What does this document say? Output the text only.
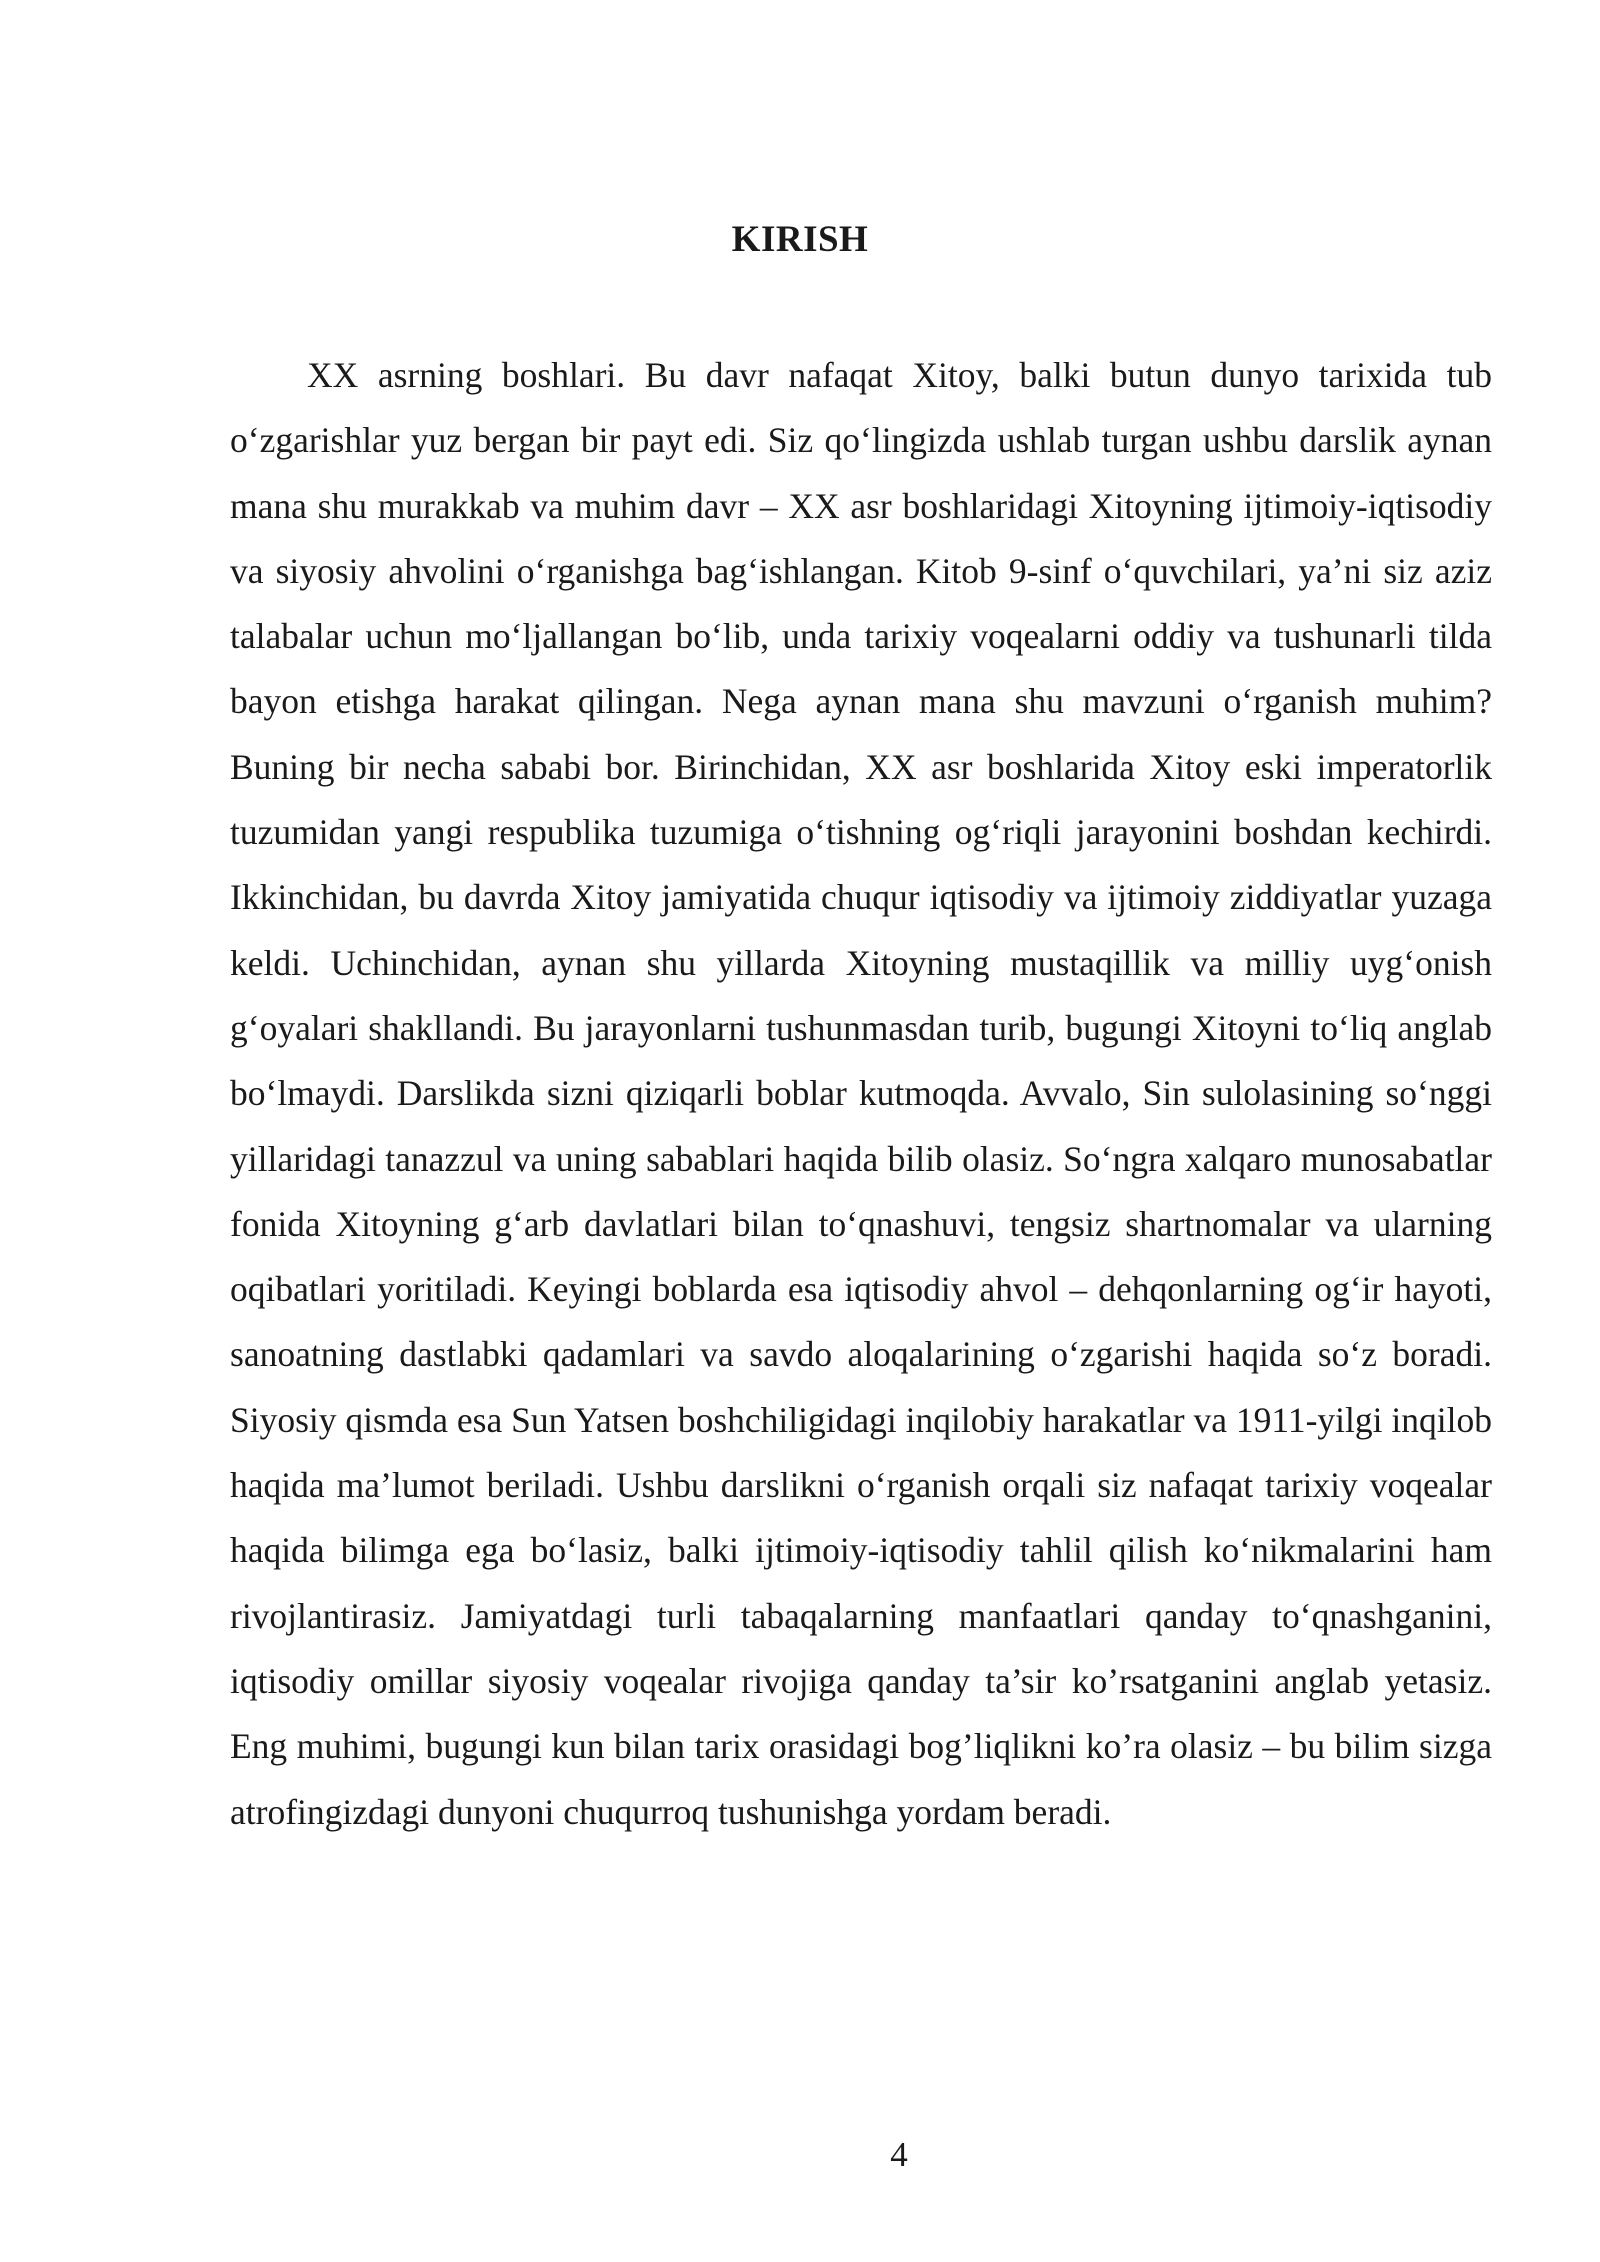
KIRISH

XX asrning boshlari. Bu davr nafaqat Xitoy, balki butun dunyo tarixida tub o‘zgarishlar yuz bergan bir payt edi. Siz qo‘lingizda ushlab turgan ushbu darslik aynan mana shu murakkab va muhim davr – XX asr boshlaridagi Xitoyning ijtimoiy-iqtisodiy va siyosiy ahvolini o‘rganishga bag‘ishlangan. Kitob 9-sinf o‘quvchilari, ya’ni siz aziz talabalar uchun mo‘ljallangan bo‘lib, unda tarixiy voqealarni oddiy va tushunarli tilda bayon etishga harakat qilingan. Nega aynan mana shu mavzuni o‘rganish muhim? Buning bir necha sababi bor. Birinchidan, XX asr boshlarida Xitoy eski imperatorlik tuzumidan yangi respublika tuzumiga o‘tishning og‘riqli jarayonini boshdan kechirdi. Ikkinchidan, bu davrda Xitoy jamiyatida chuqur iqtisodiy va ijtimoiy ziddiyatlar yuzaga keldi. Uchinchidan, aynan shu yillarda Xitoyning mustaqillik va milliy uyg‘onish g‘oyalari shakllandi. Bu jarayonlarni tushunmasdan turib, bugungi Xitoyni to‘liq anglab bo‘lmaydi. Darslikda sizni qiziqarli boblar kutmoqda. Avvalo, Sin sulolasining so‘nggi yillaridagi tanazzul va uning sabablari haqida bilib olasiz. So‘ngra xalqaro munosabatlar fonida Xitoyning g‘arb davlatlari bilan to‘qnashuvi, tengsiz shartnomalar va ularning oqibatlari yoritiladi. Keyingi boblarda esa iqtisodiy ahvol – dehqonlarning og‘ir hayoti, sanoatning dastlabki qadamlari va savdo aloqalarining o‘zgarishi haqida so‘z boradi. Siyosiy qismda esa Sun Yatsen boshchiligidagi inqilobiy harakatlar va 1911-yilgi inqilob haqida ma’lumot beriladi. Ushbu darslikni o‘rganish orqali siz nafaqat tarixiy voqealar haqida bilimga ega bo‘lasiz, balki ijtimoiy-iqtisodiy tahlil qilish ko‘nikmalarini ham rivojlantirasiz. Jamiyatdagi turli tabaqalarning manfaatlari qanday to‘qnashganini, iqtisodiy omillar siyosiy voqealar rivojiga qanday ta’sir ko’rsatganini anglab yetasiz. Eng muhimi, bugungi kun bilan tarix orasidagi bog’liqlikni ko’ra olasiz – bu bilim sizga atrofingizdagi dunyoni chuqurroq tushunishga yordam beradi.

4
